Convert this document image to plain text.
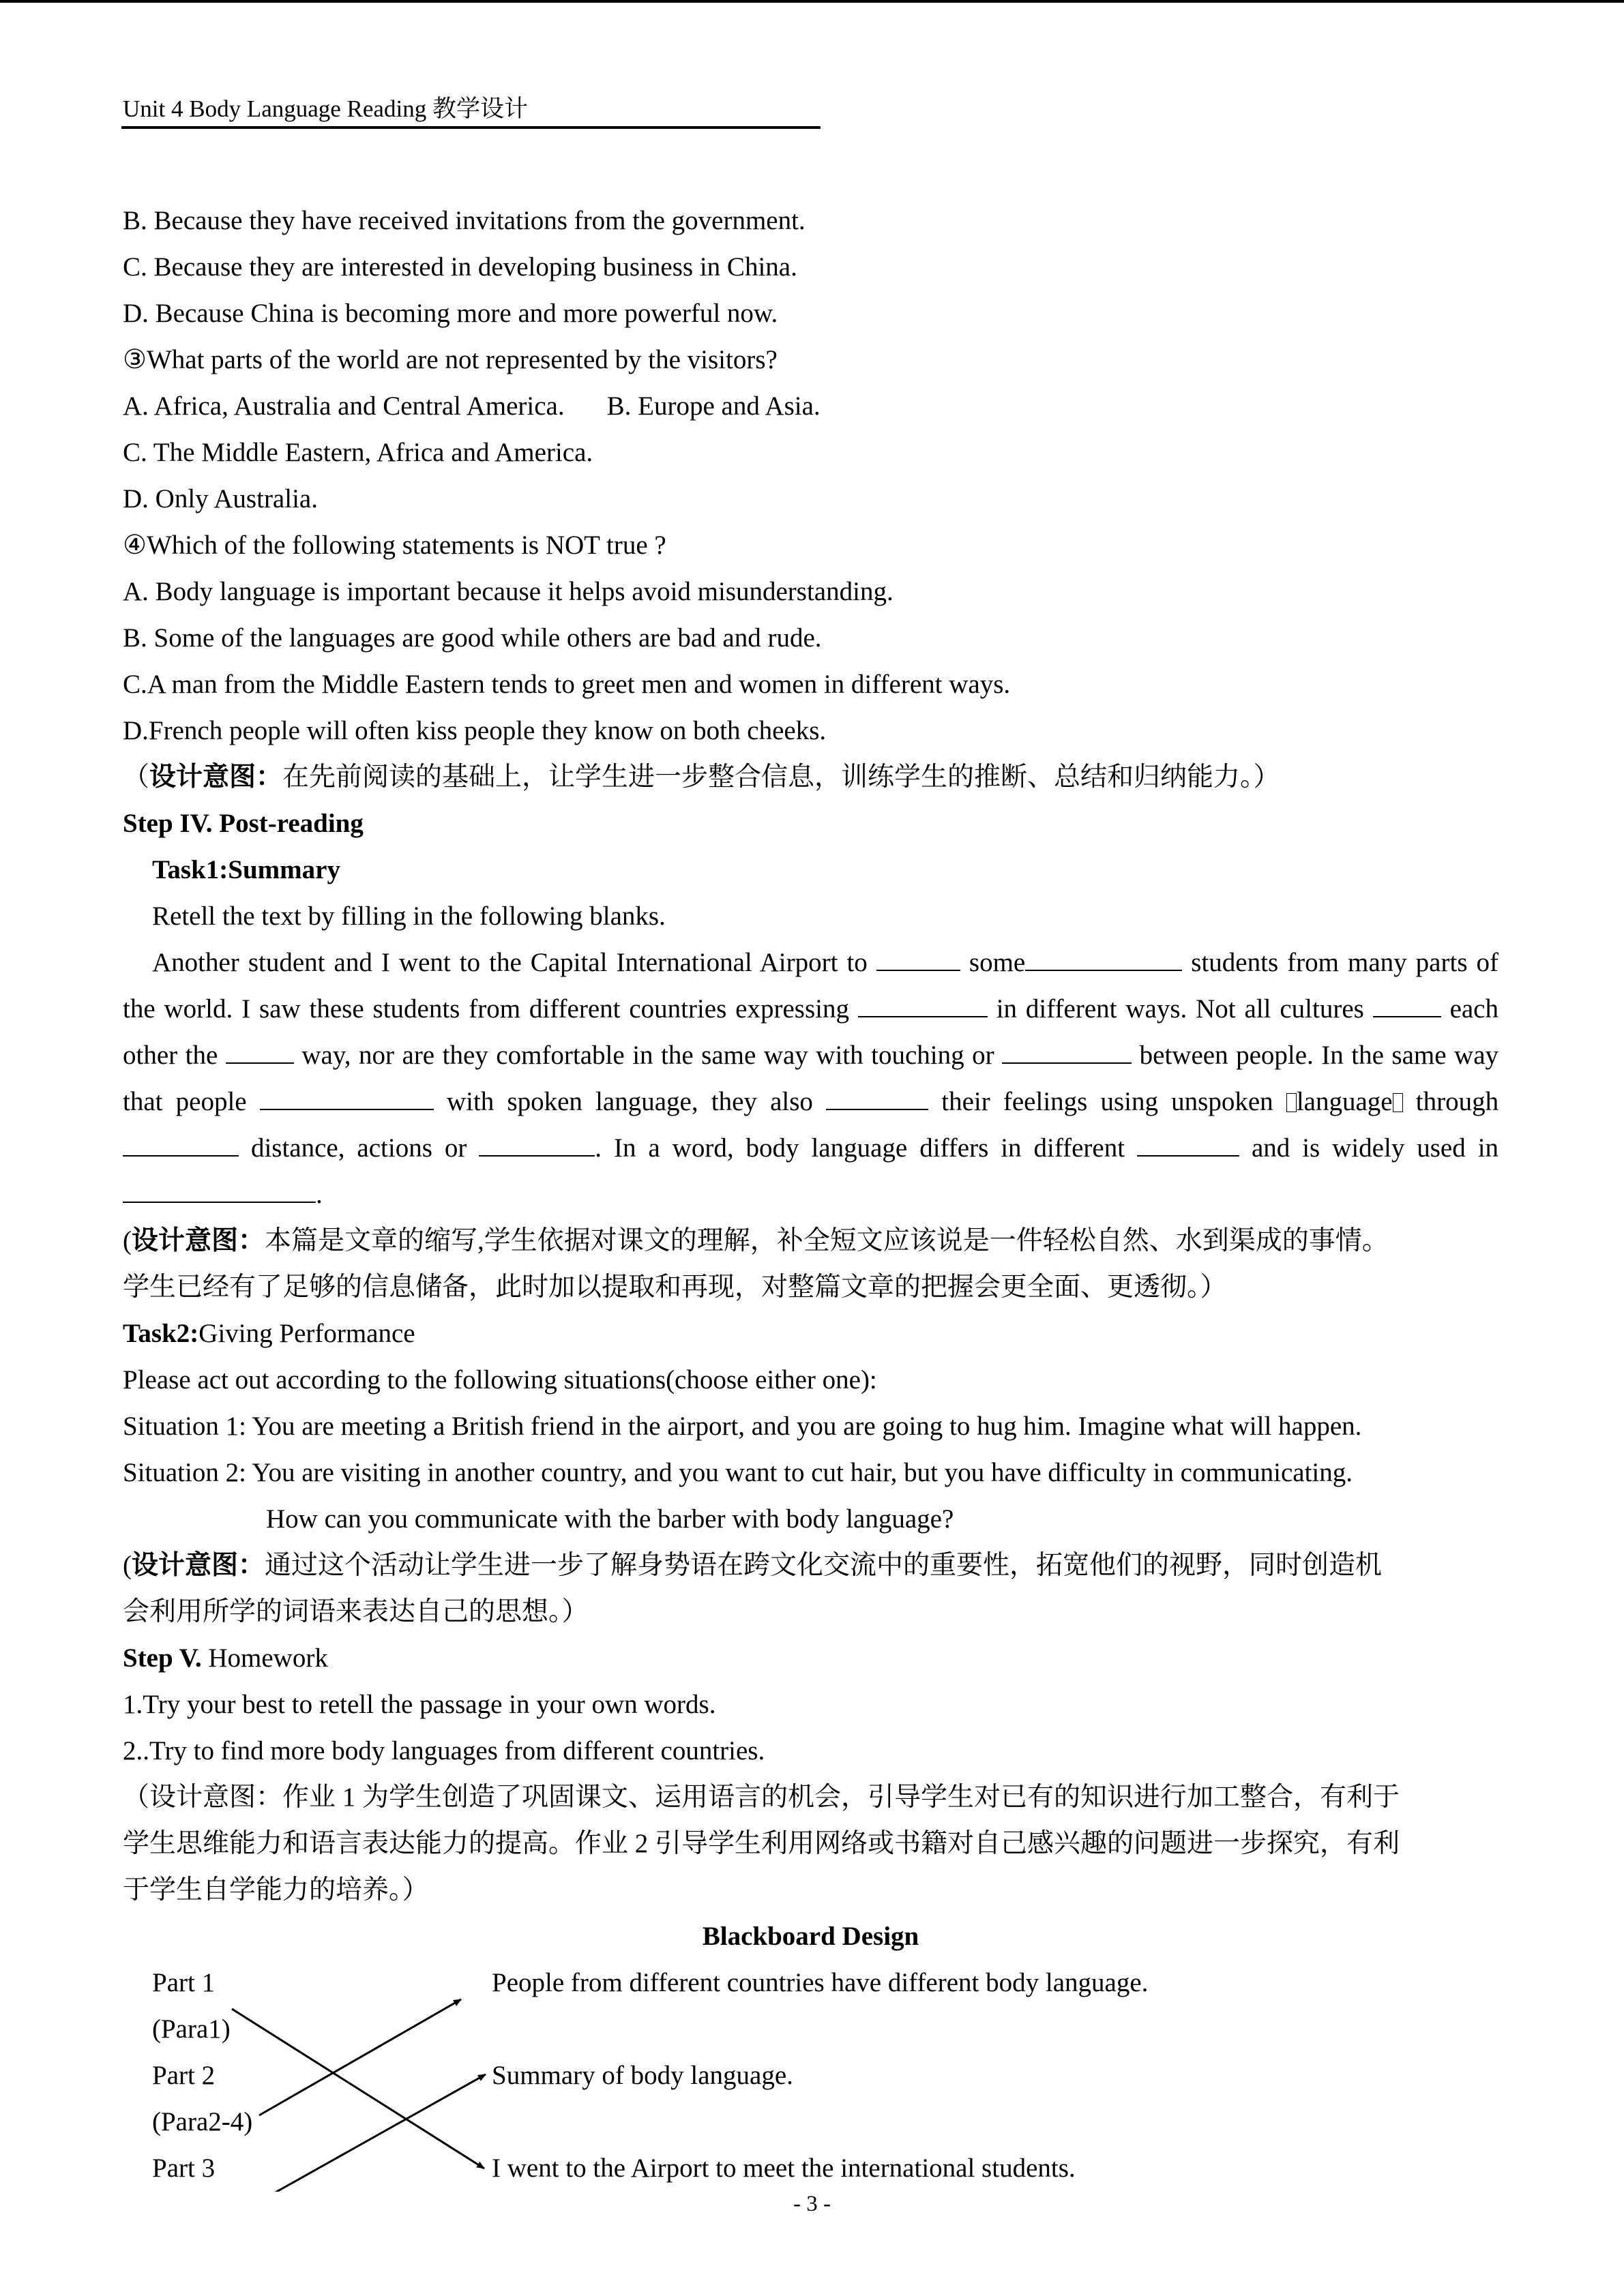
Unit 4 Body Language Reading 教学设计
B. Because they have received invitations from the government.
C. Because they are interested in developing business in China.
D. Because China is becoming more and more powerful now.
③What parts of the world are not represented by the visitors?
A. Africa, Australia and Central America. B. Europe and Asia.
C. The Middle Eastern, Africa and America.
D. Only Australia.
④Which of the following statements is NOT true ?
A. Body language is important because it helps avoid misunderstanding.
B. Some of the languages are good while others are bad and rude.
C.A man from the Middle Eastern tends to greet men and women in different ways.
D.French people will often kiss people they know on both cheeks.
（设计意图：在先前阅读的基础上，让学生进一步整合信息，训练学生的推断、总结和归纳能力。）
Step IV. Post-reading
Task1:Summary
Retell the text by filling in the following blanks.
Another student and I went to the Capital International Airport to	some	students from many parts of the world. I saw these students from different countries expressing	in different ways. Not all cultures	each other the	way, nor are they comfortable in the same way with touching or	between people. In the same way that people	with spoken language, they also	their feelings using unspoken language through  distance, actions or	. In a word, body language differs in different	and is widely used in.
(设计意图：本篇是文章的缩写,学生依据对课文的理解，补全短文应该说是一件轻松自然、水到渠成的事情。
学生已经有了足够的信息储备，此时加以提取和再现，对整篇文章的把握会更全面、更透彻。）
Task2:Giving Performance
Please act out according to the following situations(choose either one):
Situation 1: You are meeting a British friend in the airport, and you are going to hug him. Imagine what will happen.
Situation 2: You are visiting in another country, and you want to cut hair, but you have difficulty in communicating.
How can you communicate with the barber with body language?
(设计意图：通过这个活动让学生进一步了解身势语在跨文化交流中的重要性，拓宽他们的视野，同时创造机
会利用所学的词语来表达自己的思想。）
Step V. Homework
1.Try your best to retell the passage in your own words.
2..Try to find more body languages from different countries.
（设计意图：作业 1 为学生创造了巩固课文、运用语言的机会，引导学生对已有的知识进行加工整合，有利于
学生思维能力和语言表达能力的提高。作业 2 引导学生利用网络或书籍对自己感兴趣的问题进一步探究，有利
于学生自学能力的培养。）
Blackboard Design
Part 1
(Para1)
Part 2
(Para2-4)
Part 3
People from different countries have different body language.
Summary of body language.
I went to the Airport to meet the international students.
- 3 -
